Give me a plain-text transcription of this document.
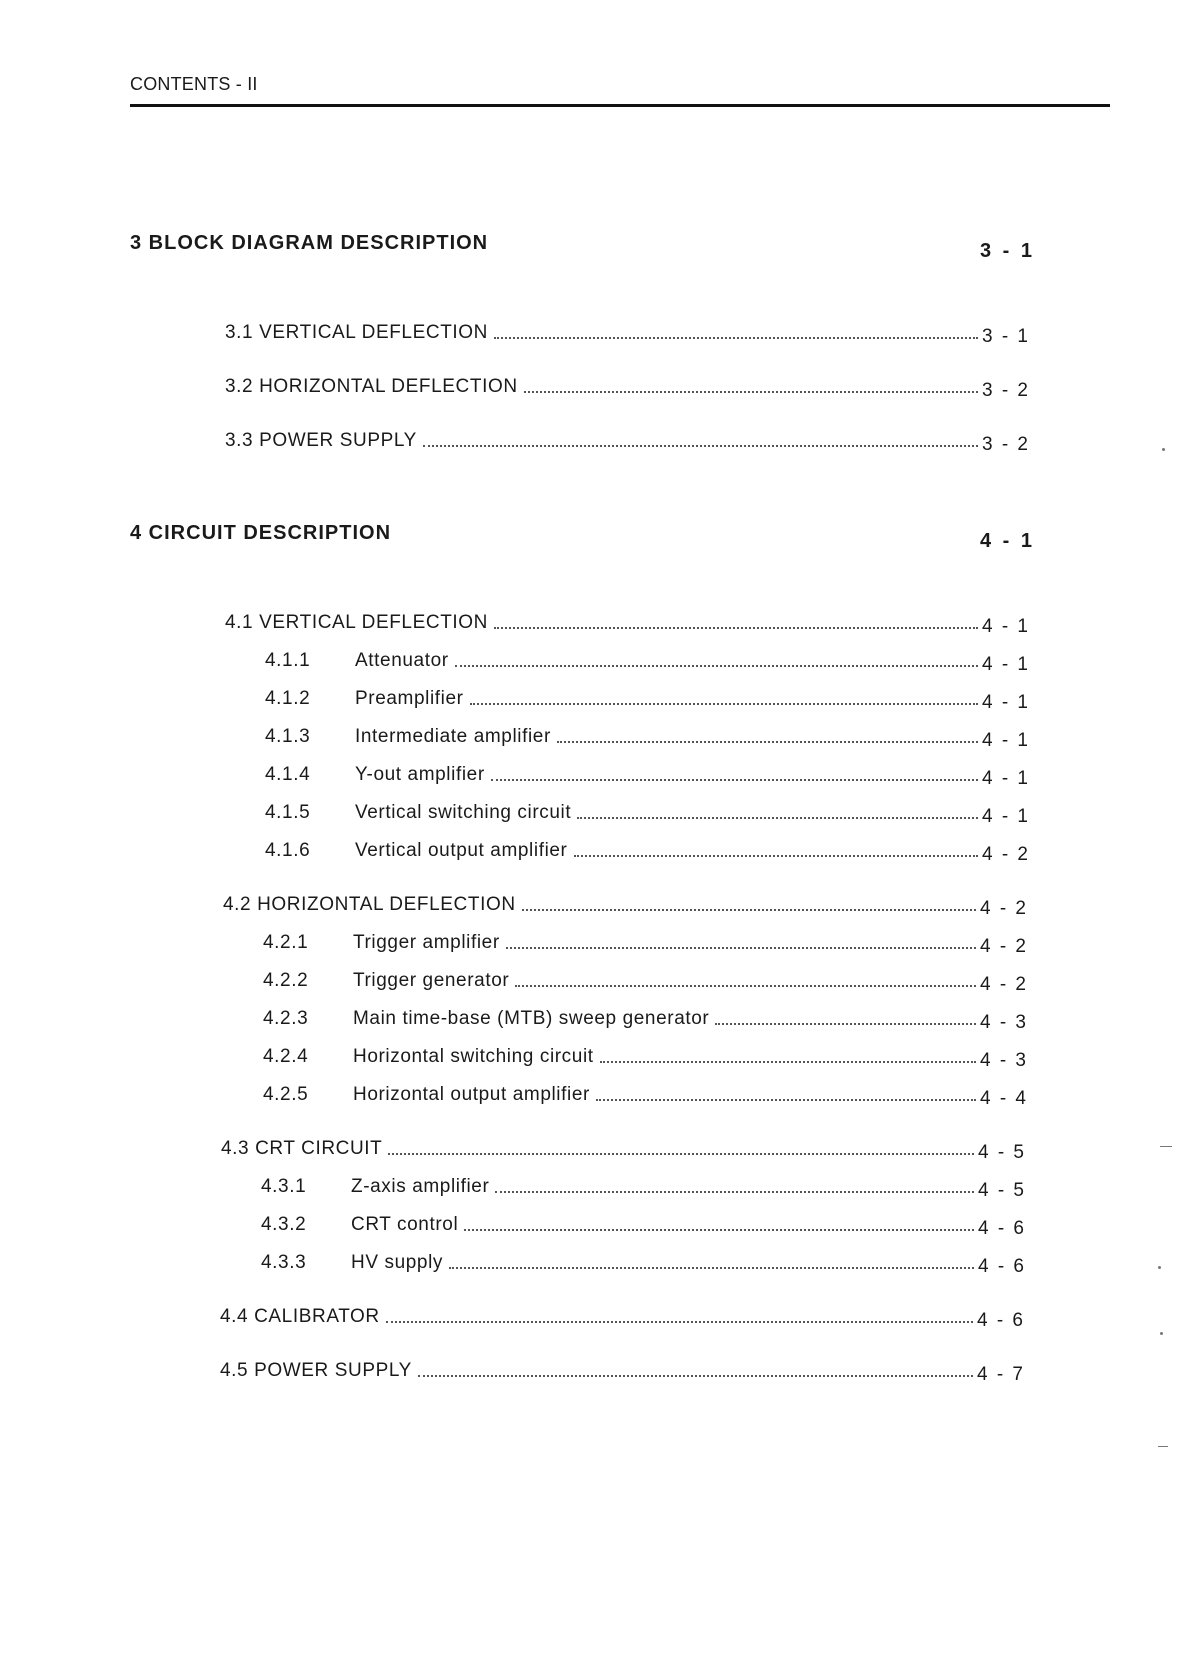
CONTENTS - II
3 BLOCK DIAGRAM DESCRIPTION	3 - 1
3.1 VERTICAL DEFLECTION	3 - 1
3.2 HORIZONTAL DEFLECTION	3 - 2
3.3 POWER SUPPLY	3 - 2
4 CIRCUIT DESCRIPTION	4 - 1
4.1 VERTICAL DEFLECTION	4 - 1
4.1.1	Attenuator	4 - 1
4.1.2	Preamplifier	4 - 1
4.1.3	Intermediate amplifier	4 - 1
4.1.4	Y-out amplifier	4 - 1
4.1.5	Vertical switching circuit	4 - 1
4.1.6	Vertical output amplifier	4 - 2
4.2 HORIZONTAL DEFLECTION	4 - 2
4.2.1	Trigger amplifier	4 - 2
4.2.2	Trigger generator	4 - 2
4.2.3	Main time-base (MTB) sweep generator	4 - 3
4.2.4	Horizontal switching circuit	4 - 3
4.2.5	Horizontal output amplifier	4 - 4
4.3 CRT CIRCUIT	4 - 5
4.3.1	Z-axis amplifier	4 - 5
4.3.2	CRT control	4 - 6
4.3.3	HV supply	4 - 6
4.4 CALIBRATOR	4 - 6
4.5 POWER SUPPLY	4 - 7
